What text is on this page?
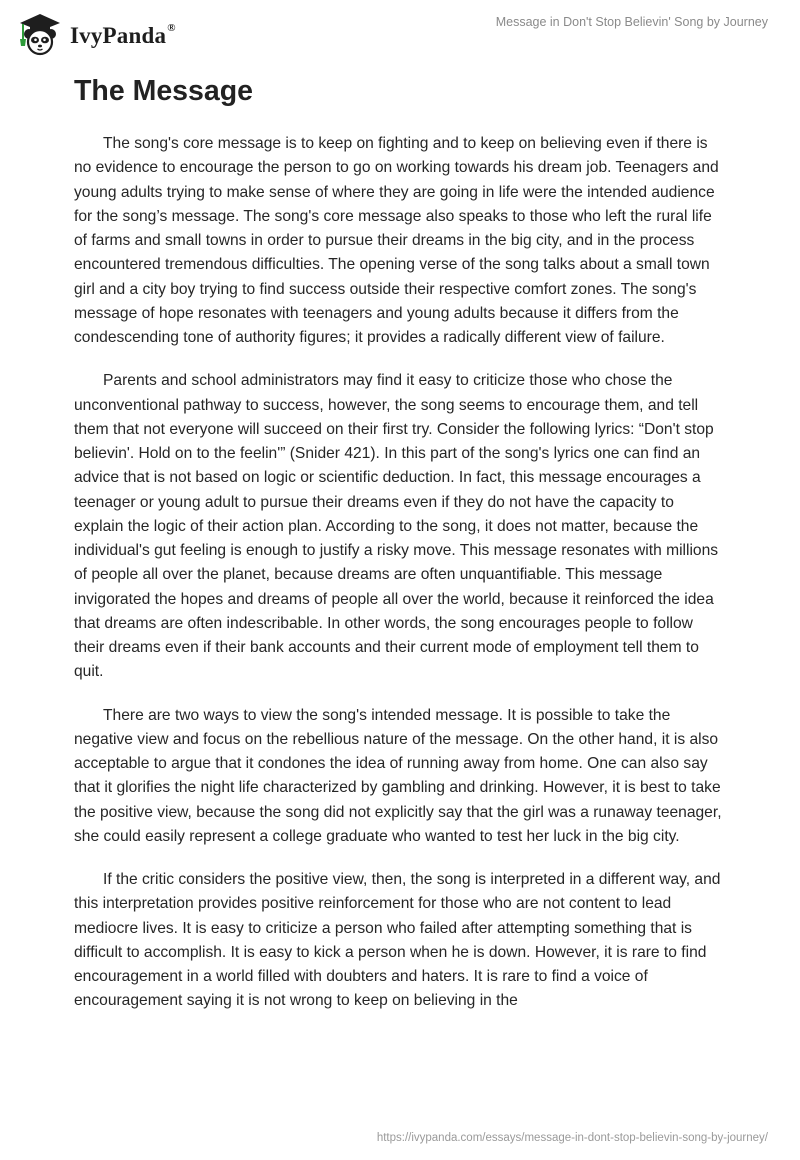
IvyPanda®	Message in Don't Stop Believin' Song by Journey
The Message

The song's core message is to keep on fighting and to keep on believing even if there is no evidence to encourage the person to go on working towards his dream job. Teenagers and young adults trying to make sense of where they are going in life were the intended audience for the song’s message. The song's core message also speaks to those who left the rural life of farms and small towns in order to pursue their dreams in the big city, and in the process encountered tremendous difficulties. The opening verse of the song talks about a small town girl and a city boy trying to find success outside their respective comfort zones. The song's message of hope resonates with teenagers and young adults because it differs from the condescending tone of authority figures; it provides a radically different view of failure.

Parents and school administrators may find it easy to criticize those who chose the unconventional pathway to success, however, the song seems to encourage them, and tell them that not everyone will succeed on their first try. Consider the following lyrics: “Don't stop believin'. Hold on to the feelin'” (Snider 421). In this part of the song's lyrics one can find an advice that is not based on logic or scientific deduction. In fact, this message encourages a teenager or young adult to pursue their dreams even if they do not have the capacity to explain the logic of their action plan. According to the song, it does not matter, because the individual's gut feeling is enough to justify a risky move. This message resonates with millions of people all over the planet, because dreams are often unquantifiable. This message invigorated the hopes and dreams of people all over the world, because it reinforced the idea that dreams are often indescribable. In other words, the song encourages people to follow their dreams even if their bank accounts and their current mode of employment tell them to quit.

There are two ways to view the song's intended message. It is possible to take the negative view and focus on the rebellious nature of the message. On the other hand, it is also acceptable to argue that it condones the idea of running away from home. One can also say that it glorifies the night life characterized by gambling and drinking. However, it is best to take the positive view, because the song did not explicitly say that the girl was a runaway teenager, she could easily represent a college graduate who wanted to test her luck in the big city.

If the critic considers the positive view, then, the song is interpreted in a different way, and this interpretation provides positive reinforcement for those who are not content to lead mediocre lives. It is easy to criticize a person who failed after attempting something that is difficult to accomplish. It is easy to kick a person when he is down. However, it is rare to find encouragement in a world filled with doubters and haters. It is rare to find a voice of encouragement saying it is not wrong to keep on believing in the

https://ivypanda.com/essays/message-in-dont-stop-believin-song-by-journey/
